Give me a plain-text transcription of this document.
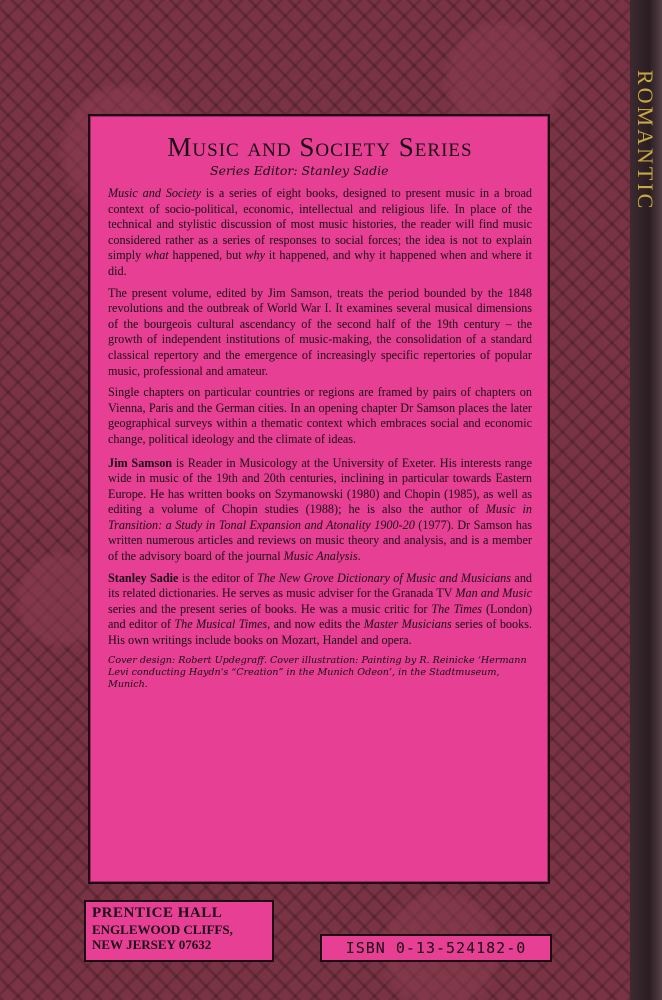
ROMANTIC
Music and Society Series
Series Editor: Stanley Sadie

Music and Society is a series of eight books, designed to present music in a broad context of socio-political, economic, intellectual and religious life. In place of the technical and stylistic discussion of most music histories, the reader will find music considered rather as a series of responses to social forces; the idea is not to explain simply what happened, but why it happened, and why it happened when and where it did.

The present volume, edited by Jim Samson, treats the period bounded by the 1848 revolutions and the outbreak of World War I. It examines several musical dimensions of the bourgeois cultural ascendancy of the second half of the 19th century – the growth of independent institutions of music-making, the consolidation of a standard classical repertory and the emergence of increasingly specific repertories of popular music, professional and amateur.

Single chapters on particular countries or regions are framed by pairs of chapters on Vienna, Paris and the German cities. In an opening chapter Dr Samson places the later geographical surveys within a thematic context which embraces social and economic change, political ideology and the climate of ideas.

Jim Samson is Reader in Musicology at the University of Exeter. His interests range wide in music of the 19th and 20th centuries, inclining in particular towards Eastern Europe. He has written books on Szymanowski (1980) and Chopin (1985), as well as editing a volume of Chopin studies (1988); he is also the author of Music in Transition: a Study in Tonal Expansion and Atonality 1900-20 (1977). Dr Samson has written numerous articles and reviews on music theory and analysis, and is a member of the advisory board of the journal Music Analysis.

Stanley Sadie is the editor of The New Grove Dictionary of Music and Musicians and its related dictionaries. He serves as music adviser for the Granada TV Man and Music series and the present series of books. He was a music critic for The Times (London) and editor of The Musical Times, and now edits the Master Musicians series of books. His own writings include books on Mozart, Handel and opera.

Cover design: Robert Updegraff. Cover illustration: Painting by R. Reinicke ‘Hermann Levi conducting Haydn's “Creation” in the Munich Odeon’, in the Stadtmuseum, Munich.
PRENTICE HALL
ENGLEWOOD CLIFFS,
NEW JERSEY 07632	ISBN 0-13-524182-0
